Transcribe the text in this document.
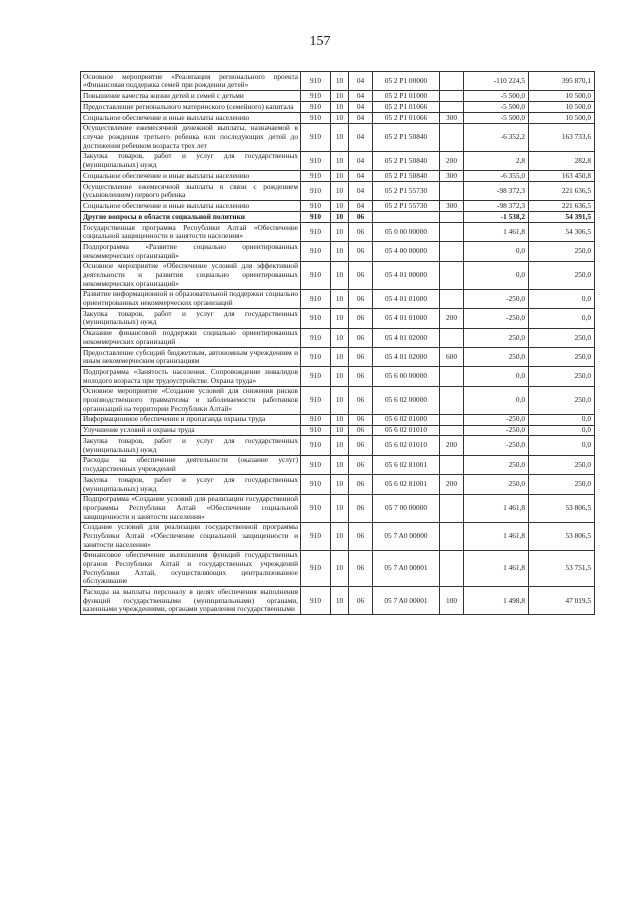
157
Основное мероприятие «Реализация регионального проекта «Финансовая поддержка семей при рождении детей»	910	10	04	05 2 P1 00000		-110 224,5	395 870,1
Повышение качества жизни детей и семей с детьми	910	10	04	05 2 P1 01000		-5 500,0	10 500,0
Предоставление регионального материнского (семейного) капитала	910	10	04	05 2 P1 01066		-5 500,0	10 500,0
Социальное обеспечение и иные выплаты населению	910	10	04	05 2 P1 01066	300	-5 500,0	10 500,0
Осуществление ежемесячной денежной выплаты, назначаемой в случае рождения третьего ребенка или последующих детей до достижения ребенком возраста трех лет	910	10	04	05 2 P1 50840		-6 352,2	163 733,6
Закупка товаров, работ и услуг для государственных (муниципальных) нужд	910	10	04	05 2 P1 50840	200	2,8	282,8
Социальное обеспечение и иные выплаты населению	910	10	04	05 2 P1 50840	300	-6 355,0	163 450,8
Осуществление ежемесячной выплаты в связи с рождением (усыновлением) первого ребенка	910	10	04	05 2 P1 55730		-98 372,3	221 636,5
Социальное обеспечение и иные выплаты населению	910	10	04	05 2 P1 55730	300	-98 372,3	221 636,5
Другие вопросы в области социальной политики	910	10	06			-1 538,2	54 391,5
Государственная программа Республики Алтай «Обеспечение социальной защищенности и занятости населения»	910	10	06	05 0 00 00000		1 461,8	54 306,5
Подпрограмма «Развитие социально ориентированных некоммерческих организаций»	910	10	06	05 4 00 00000		0,0	250,0
Основное мероприятие «Обеспечение условий для эффективной деятельности и развития социально ориентированных некоммерческих организаций»	910	10	06	05 4 01 00000		0,0	250,0
Развитие информационной и образовательной поддержки социально ориентированных некоммерческих организаций	910	10	06	05 4 01 01000		-250,0	0,0
Закупка товаров, работ и услуг для государственных (муниципальных) нужд	910	10	06	05 4 01 01000	200	-250,0	0,0
Оказание финансовой поддержки социально ориентированных некоммерческих организаций	910	10	06	05 4 01 02000		250,0	250,0
Предоставление субсидий бюджетным, автономным учреждениям и иным некоммерческим организациям	910	10	06	05 4 01 02000	600	250,0	250,0
Подпрограмма «Занятость населения. Сопровождение инвалидов молодого возраста при трудоустройстве. Охрана труда»	910	10	06	05 6 00 00000		0,0	250,0
Основное мероприятие «Создание условий для снижения рисков производственного травматизма и заболеваемости работников организаций на территории Республики Алтай»	910	10	06	05 6 02 00000		0,0	250,0
Информационное обеспечение и пропаганда охраны труда	910	10	06	05 6 02 01000		-250,0	0,0
Улучшение условий и охраны труда	910	10	06	05 6 02 01010		-250,0	0,0
Закупка товаров, работ и услуг для государственных (муниципальных) нужд	910	10	06	05 6 02 01010	200	-250,0	0,0
Расходы на обеспечение деятельности (оказание услуг) государственных учреждений	910	10	06	05 6 02 81001		250,0	250,0
Закупка товаров, работ и услуг для государственных (муниципальных) нужд	910	10	06	05 6 02 81001	200	250,0	250,0
Подпрограмма «Создание условий для реализации государственной программы Республики Алтай «Обеспечение социальной защищенности и занятости населения»	910	10	06	05 7 00 00000		1 461,8	53 806,5
Создание условий для реализации государственной программы Республики Алтай «Обеспечение социальной защищенности и занятости населения»	910	10	06	05 7 A0 00000		1 461,8	53 806,5
Финансовое обеспечение выполнения функций государственных органов Республики Алтай и государственных учреждений Республики Алтай, осуществляющих централизованное обслуживание	910	10	06	05 7 A0 00001		1 461,8	53 751,5
Расходы на выплаты персоналу в целях обеспечения выполнения функций государственными (муниципальными) органами, казенными учреждениями, органами управления государственными	910	10	06	05 7 A0 00001	100	1 498,8	47 019,5
